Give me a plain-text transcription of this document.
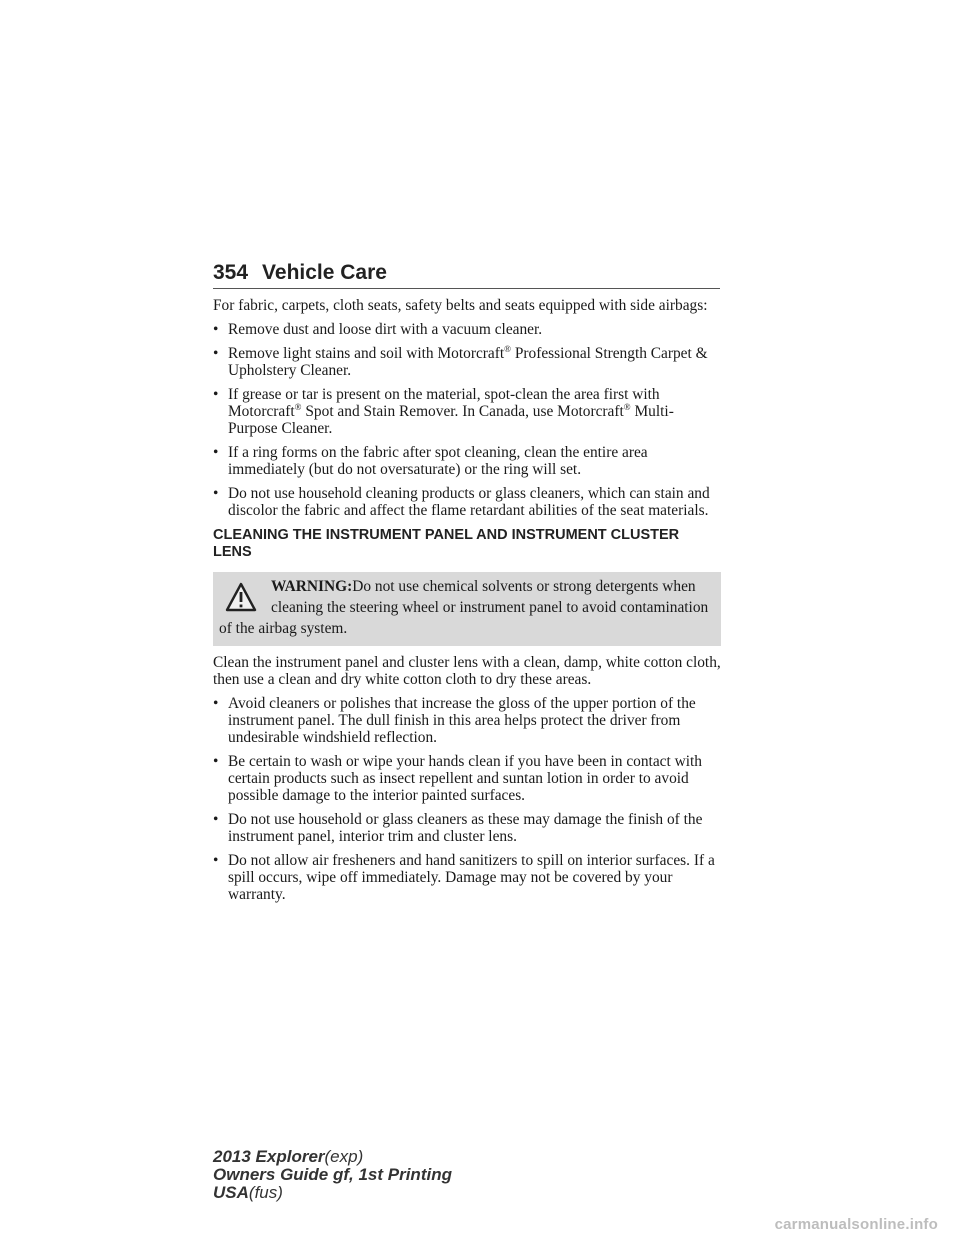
354 Vehicle Care

For fabric, carpets, cloth seats, safety belts and seats equipped with side airbags:

• Remove dust and loose dirt with a vacuum cleaner.
• Remove light stains and soil with Motorcraft® Professional Strength Carpet & Upholstery Cleaner.
• If grease or tar is present on the material, spot-clean the area first with Motorcraft® Spot and Stain Remover. In Canada, use Motorcraft® Multi-Purpose Cleaner.
• If a ring forms on the fabric after spot cleaning, clean the entire area immediately (but do not oversaturate) or the ring will set.
• Do not use household cleaning products or glass cleaners, which can stain and discolor the fabric and affect the flame retardant abilities of the seat materials.
CLEANING THE INSTRUMENT PANEL AND INSTRUMENT CLUSTER LENS
WARNING:Do not use chemical solvents or strong detergents when cleaning the steering wheel or instrument panel to avoid contamination of the airbag system.

Clean the instrument panel and cluster lens with a clean, damp, white cotton cloth, then use a clean and dry white cotton cloth to dry these areas.

• Avoid cleaners or polishes that increase the gloss of the upper portion of the instrument panel. The dull finish in this area helps protect the driver from undesirable windshield reflection.
• Be certain to wash or wipe your hands clean if you have been in contact with certain products such as insect repellent and suntan lotion in order to avoid possible damage to the interior painted surfaces.
• Do not use household or glass cleaners as these may damage the finish of the instrument panel, interior trim and cluster lens.
• Do not allow air fresheners and hand sanitizers to spill on interior surfaces. If a spill occurs, wipe off immediately. Damage may not be covered by your warranty.
2013 Explorer(exp)
Owners Guide gf, 1st Printing
USA(fus)
carmanualsonline.info
